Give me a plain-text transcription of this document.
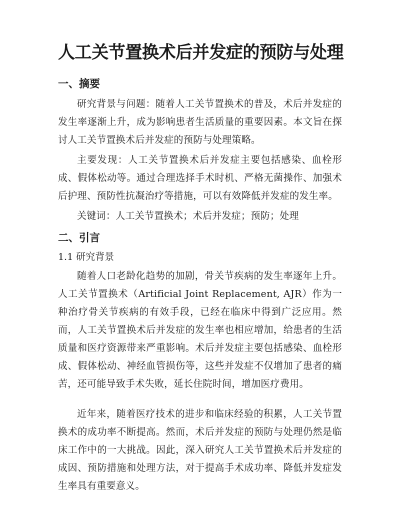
人工关节置换术后并发症的预防与处理
一、摘要

研究背景与问题：随着人工关节置换术的普及，术后并发症的发生率逐渐上升，成为影响患者生活质量的重要因素。本文旨在探讨人工关节置换术后并发症的预防与处理策略。

主要发现：人工关节置换术后并发症主要包括感染、血栓形成、假体松动等。通过合理选择手术时机、严格无菌操作、加强术后护理、预防性抗凝治疗等措施，可以有效降低并发症的发生率。

关键词：人工关节置换术；术后并发症；预防；处理

二、引言
1.1 研究背景

随着人口老龄化趋势的加剧，骨关节疾病的发生率逐年上升。人工关节置换术（Artificial Joint Replacement, AJR）作为一种治疗骨关节疾病的有效手段，已经在临床中得到广泛应用。然而，人工关节置换术后并发症的发生率也相应增加，给患者的生活质量和医疗资源带来严重影响。术后并发症主要包括感染、血栓形成、假体松动、神经血管损伤等，这些并发症不仅增加了患者的痛苦，还可能导致手术失败，延长住院时间，增加医疗费用。

近年来，随着医疗技术的进步和临床经验的积累，人工关节置换术的成功率不断提高。然而，术后并发症的预防与处理仍然是临床工作中的一大挑战。因此，深入研究人工关节置换术后并发症的成因、预防措施和处理方法，对于提高手术成功率、降低并发症发生率具有重要意义。
